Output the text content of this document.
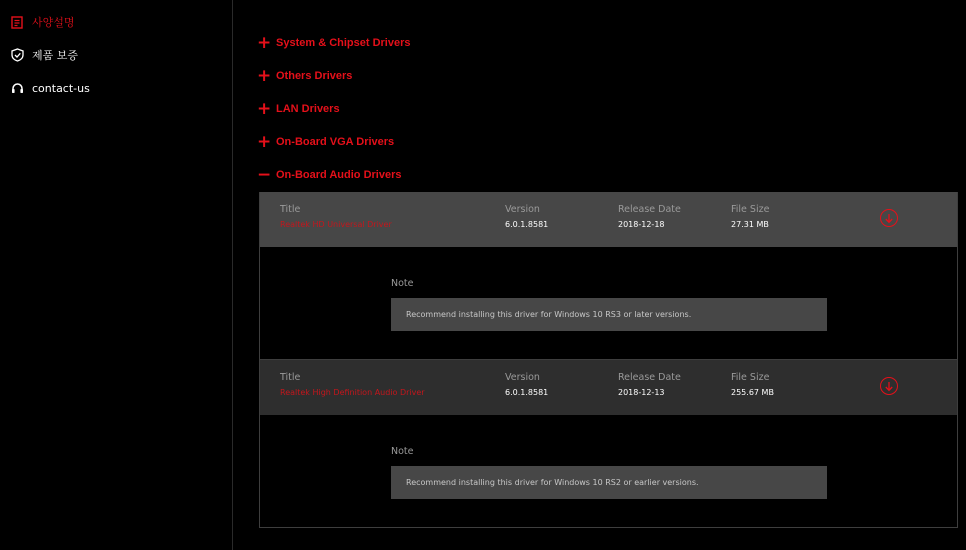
사양설명
제품 보증
contact-us
+ System & Chipset Drivers
+ Others Drivers
+ LAN Drivers
+ On-Board VGA Drivers
− On-Board Audio Drivers
Title
Realtek HD Universal Driver
Version
6.0.1.8581
Release Date
2018-12-18
File Size
27.31 MB
Note
Recommend installing this driver for Windows 10 RS3 or later versions.
Title
Realtek High Definition Audio Driver
Version
6.0.1.8581
Release Date
2018-12-13
File Size
255.67 MB
Note
Recommend installing this driver for Windows 10 RS2 or earlier versions.
